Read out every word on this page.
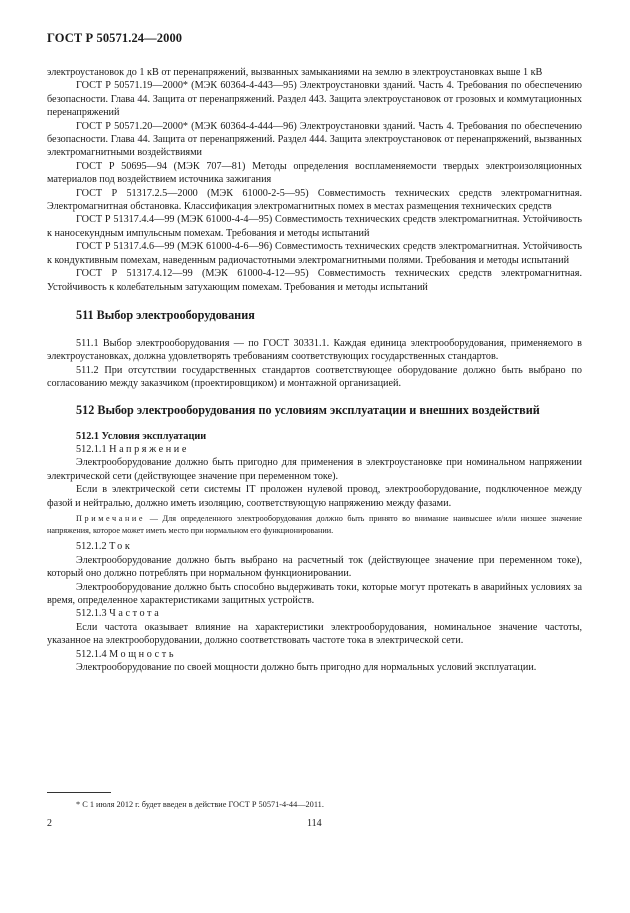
ГОСТ Р 50571.24—2000

электроустановок до 1 кВ от перенапряжений, вызванных замыканиями на землю в электроустановках выше 1 кВ

ГОСТ Р 50571.19—2000* (МЭК 60364-4-443—95) Электроустановки зданий. Часть 4. Требования по обеспечению безопасности. Глава 44. Защита от перенапряжений. Раздел 443. Защита электроустановок от грозовых и коммутационных перенапряжений

ГОСТ Р 50571.20—2000* (МЭК 60364-4-444—96) Электроустановки зданий. Часть 4. Требования по обеспечению безопасности. Глава 44. Защита от перенапряжений. Раздел 444. Защита электроустановок от перенапряжений, вызванных электромагнитными воздействиями

ГОСТ Р 50695—94 (МЭК 707—81) Методы определения воспламеняемости твердых электроизоляционных материалов под воздействием источника зажигания

ГОСТ Р 51317.2.5—2000 (МЭК 61000-2-5—95) Совместимость технических средств электромагнитная. Электромагнитная обстановка. Классификация электромагнитных помех в местах размещения технических средств

ГОСТ Р 51317.4.4—99 (МЭК 61000-4-4—95) Совместимость технических средств электромагнитная. Устойчивость к наносекундным импульсным помехам. Требования и методы испытаний

ГОСТ Р 51317.4.6—99 (МЭК 61000-4-6—96) Совместимость технических средств электромагнитная. Устойчивость к кондуктивным помехам, наведенным радиочастотными электромагнитными полями. Требования и методы испытаний

ГОСТ Р 51317.4.12—99 (МЭК 61000-4-12—95) Совместимость технических средств электромагнитная. Устойчивость к колебательным затухающим помехам. Требования и методы испытаний

511 Выбор электрооборудования

511.1 Выбор электрооборудования — по ГОСТ 30331.1. Каждая единица электрооборудования, применяемого в электроустановках, должна удовлетворять требованиям соответствующих государственных стандартов.

511.2 При отсутствии государственных стандартов соответствующее оборудование должно быть выбрано по согласованию между заказчиком (проектировщиком) и монтажной организацией.

512 Выбор электрооборудования по условиям эксплуатации и внешних воздействий

512.1 Условия эксплуатации

512.1.1 Напряжение

Электрооборудование должно быть пригодно для применения в электроустановке при номинальном напряжении электрической сети (действующее значение при переменном токе).

Если в электрической сети системы IT проложен нулевой провод, электрооборудование, подключенное между фазой и нейтралью, должно иметь изоляцию, соответствующую напряжению между фазами.

Примечание — Для определенного электрооборудования должно быть принято во внимание наивысшее и/или низшее значение напряжения, которое может иметь место при нормальном его функционировании.

512.1.2 Ток

Электрооборудование должно быть выбрано на расчетный ток (действующее значение при переменном токе), который оно должно потреблять при нормальном функционировании.

Электрооборудование должно быть способно выдерживать токи, которые могут протекать в аварийных условиях за время, определенное характеристиками защитных устройств.

512.1.3 Частота

Если частота оказывает влияние на характеристики электрооборудования, номинальное значение частоты, указанное на электрооборудовании, должно соответствовать частоте тока в электрической сети.

512.1.4 Мощность

Электрооборудование по своей мощности должно быть пригодно для нормальных условий эксплуатации.

* С 1 июля 2012 г. будет введен в действие ГОСТ Р 50571-4-44—2011.
2	114
